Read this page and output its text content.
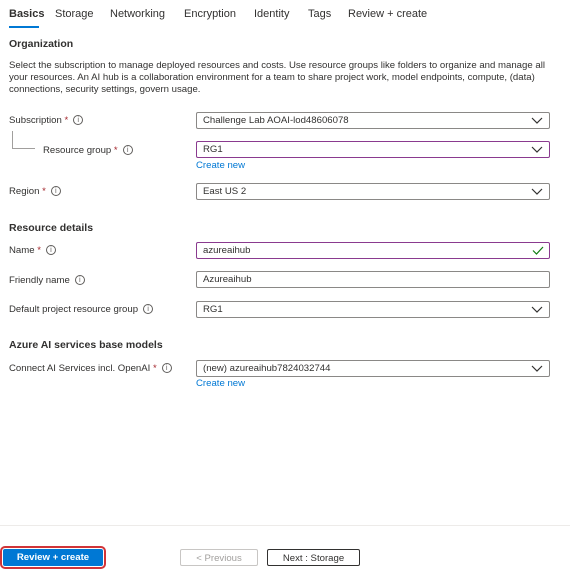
Basics Storage Networking Encryption Identity Tags Review + create
Organization
Select the subscription to manage deployed resources and costs. Use resource groups like folders to organize and manage all your resources. An AI hub is a collaboration environment for a team to share project work, model endpoints, compute, (data) connections, security settings, govern usage.
Subscription * i	Challenge Lab AOAI-lod48606078
Resource group * i	RG1
Create new
Region * i	East US 2
Resource details
Name * i	azureaihub
Friendly name i	Azureaihub
Default project resource group i	RG1
Azure AI services base models
Connect AI Services incl. OpenAI * i	(new) azureaihub7824032744
Create new
Review + create	< Previous	Next : Storage
